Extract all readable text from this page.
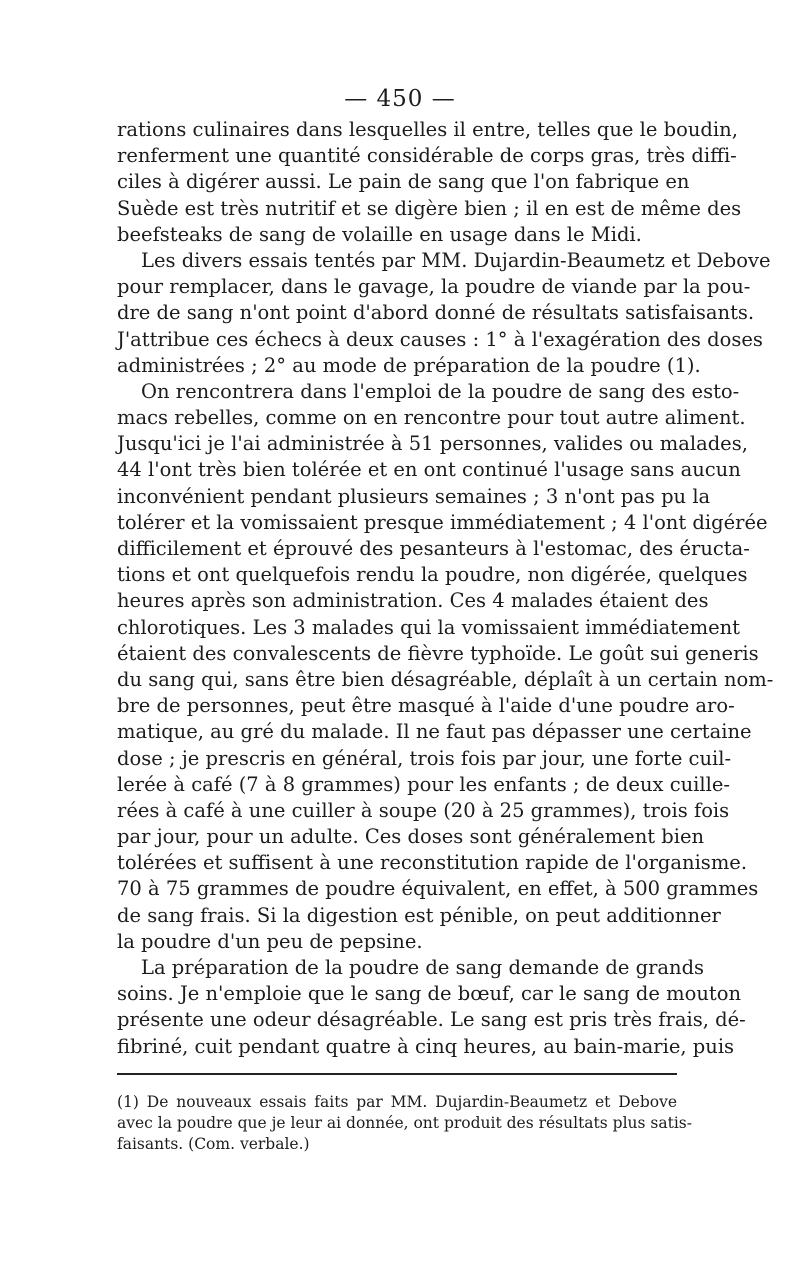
— 450 —
rations culinaires dans lesquelles il entre, telles que le boudin,
renferment une quantité considérable de corps gras, très diffi-
ciles à digérer aussi. Le pain de sang que l'on fabrique en
Suède est très nutritif et se digère bien ; il en est de même des
beefsteaks de sang de volaille en usage dans le Midi.
Les divers essais tentés par MM. Dujardin-Beaumetz et Debove
pour remplacer, dans le gavage, la poudre de viande par la pou-
dre de sang n'ont point d'abord donné de résultats satisfaisants.
J'attribue ces échecs à deux causes : 1° à l'exagération des doses
administrées ; 2° au mode de préparation de la poudre (1).
On rencontrera dans l'emploi de la poudre de sang des esto-
macs rebelles, comme on en rencontre pour tout autre aliment.
Jusqu'ici je l'ai administrée à 51 personnes, valides ou malades,
44 l'ont très bien tolérée et en ont continué l'usage sans aucun
inconvénient pendant plusieurs semaines ; 3 n'ont pas pu la
tolérer et la vomissaient presque immédiatement ; 4 l'ont digérée
difficilement et éprouvé des pesanteurs à l'estomac, des éructa-
tions et ont quelquefois rendu la poudre, non digérée, quelques
heures après son administration. Ces 4 malades étaient des
chlorotiques. Les 3 malades qui la vomissaient immédiatement
étaient des convalescents de fièvre typhoïde. Le goût sui generis
du sang qui, sans être bien désagréable, déplaît à un certain nom-
bre de personnes, peut être masqué à l'aide d'une poudre aro-
matique, au gré du malade. Il ne faut pas dépasser une certaine
dose ; je prescris en général, trois fois par jour, une forte cuil-
lerée à café (7 à 8 grammes) pour les enfants ; de deux cuille-
rées à café à une cuiller à soupe (20 à 25 grammes), trois fois
par jour, pour un adulte. Ces doses sont généralement bien
tolérées et suffisent à une reconstitution rapide de l'organisme.
70 à 75 grammes de poudre équivalent, en effet, à 500 grammes
de sang frais. Si la digestion est pénible, on peut additionner
la poudre d'un peu de pepsine.
La préparation de la poudre de sang demande de grands
soins. Je n'emploie que le sang de bœuf, car le sang de mouton
présente une odeur désagréable. Le sang est pris très frais, dé-
fibriné, cuit pendant quatre à cinq heures, au bain-marie, puis
(1) De nouveaux essais faits par MM. Dujardin-Beaumetz et Debove
avec la poudre que je leur ai donnée, ont produit des résultats plus satis-
faisants. (Com. verbale.)
